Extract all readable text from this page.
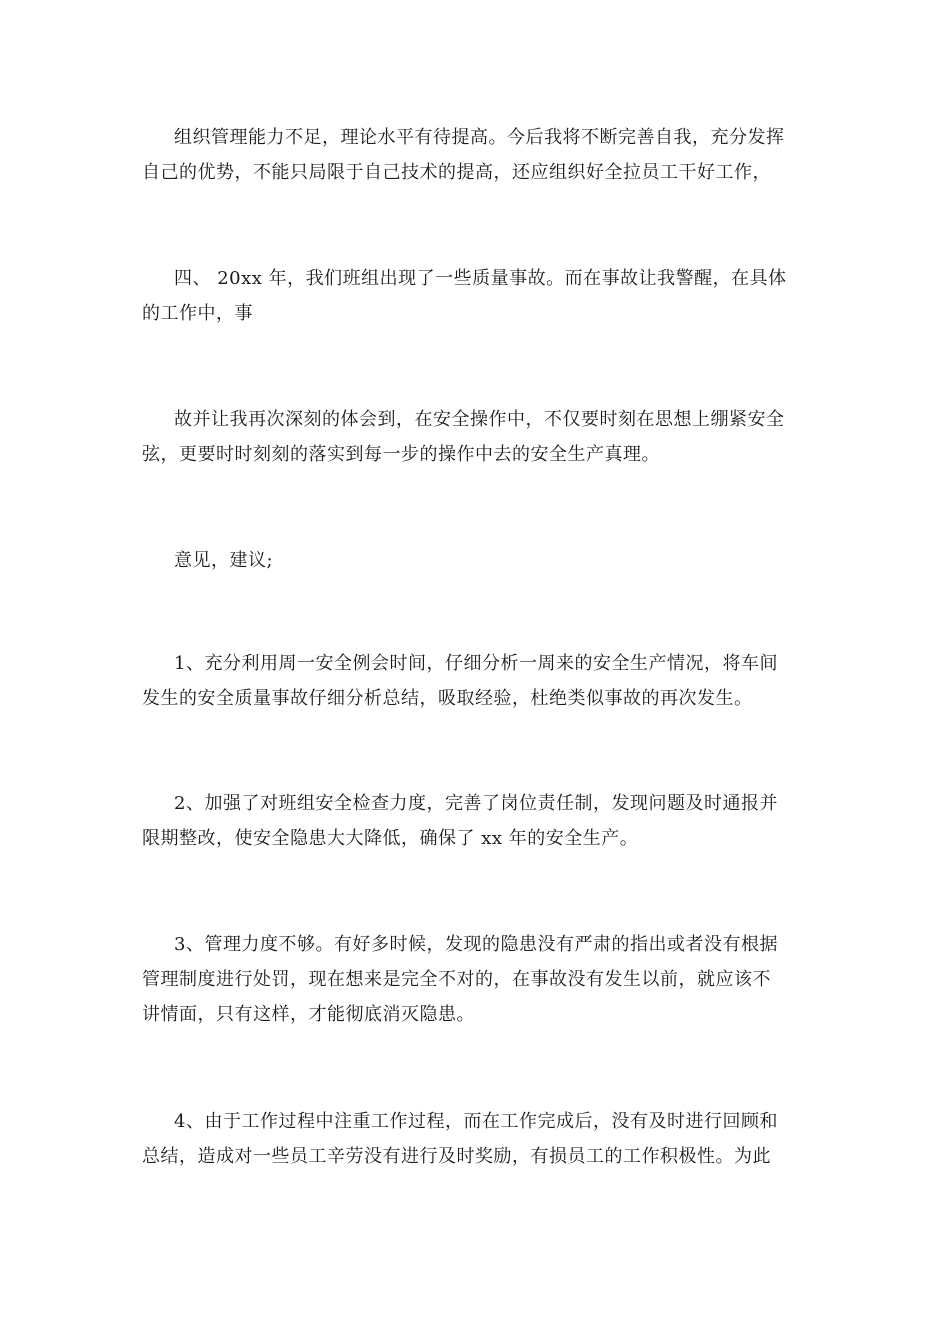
组织管理能力不足，理论水平有待提高。今后我将不断完善自我，充分发挥
自己的优势，不能只局限于自己技术的提高，还应组织好全拉员工干好工作，

四、 20xx 年，我们班组出现了一些质量事故。而在事故让我警醒，在具体
的工作中，事

故并让我再次深刻的体会到，在安全操作中，不仅要时刻在思想上绷紧安全
弦，更要时时刻刻的落实到每一步的操作中去的安全生产真理。

意见，建议;

1、充分利用周一安全例会时间，仔细分析一周来的安全生产情况，将车间
发生的安全质量事故仔细分析总结，吸取经验，杜绝类似事故的再次发生。

2、加强了对班组安全检查力度，完善了岗位责任制，发现问题及时通报并
限期整改，使安全隐患大大降低，确保了 xx 年的安全生产。

3、管理力度不够。有好多时候，发现的隐患没有严肃的指出或者没有根据
管理制度进行处罚，现在想来是完全不对的，在事故没有发生以前，就应该不
讲情面，只有这样，才能彻底消灭隐患。

4、由于工作过程中注重工作过程，而在工作完成后，没有及时进行回顾和
总结，造成对一些员工辛劳没有进行及时奖励，有损员工的工作积极性。为此
